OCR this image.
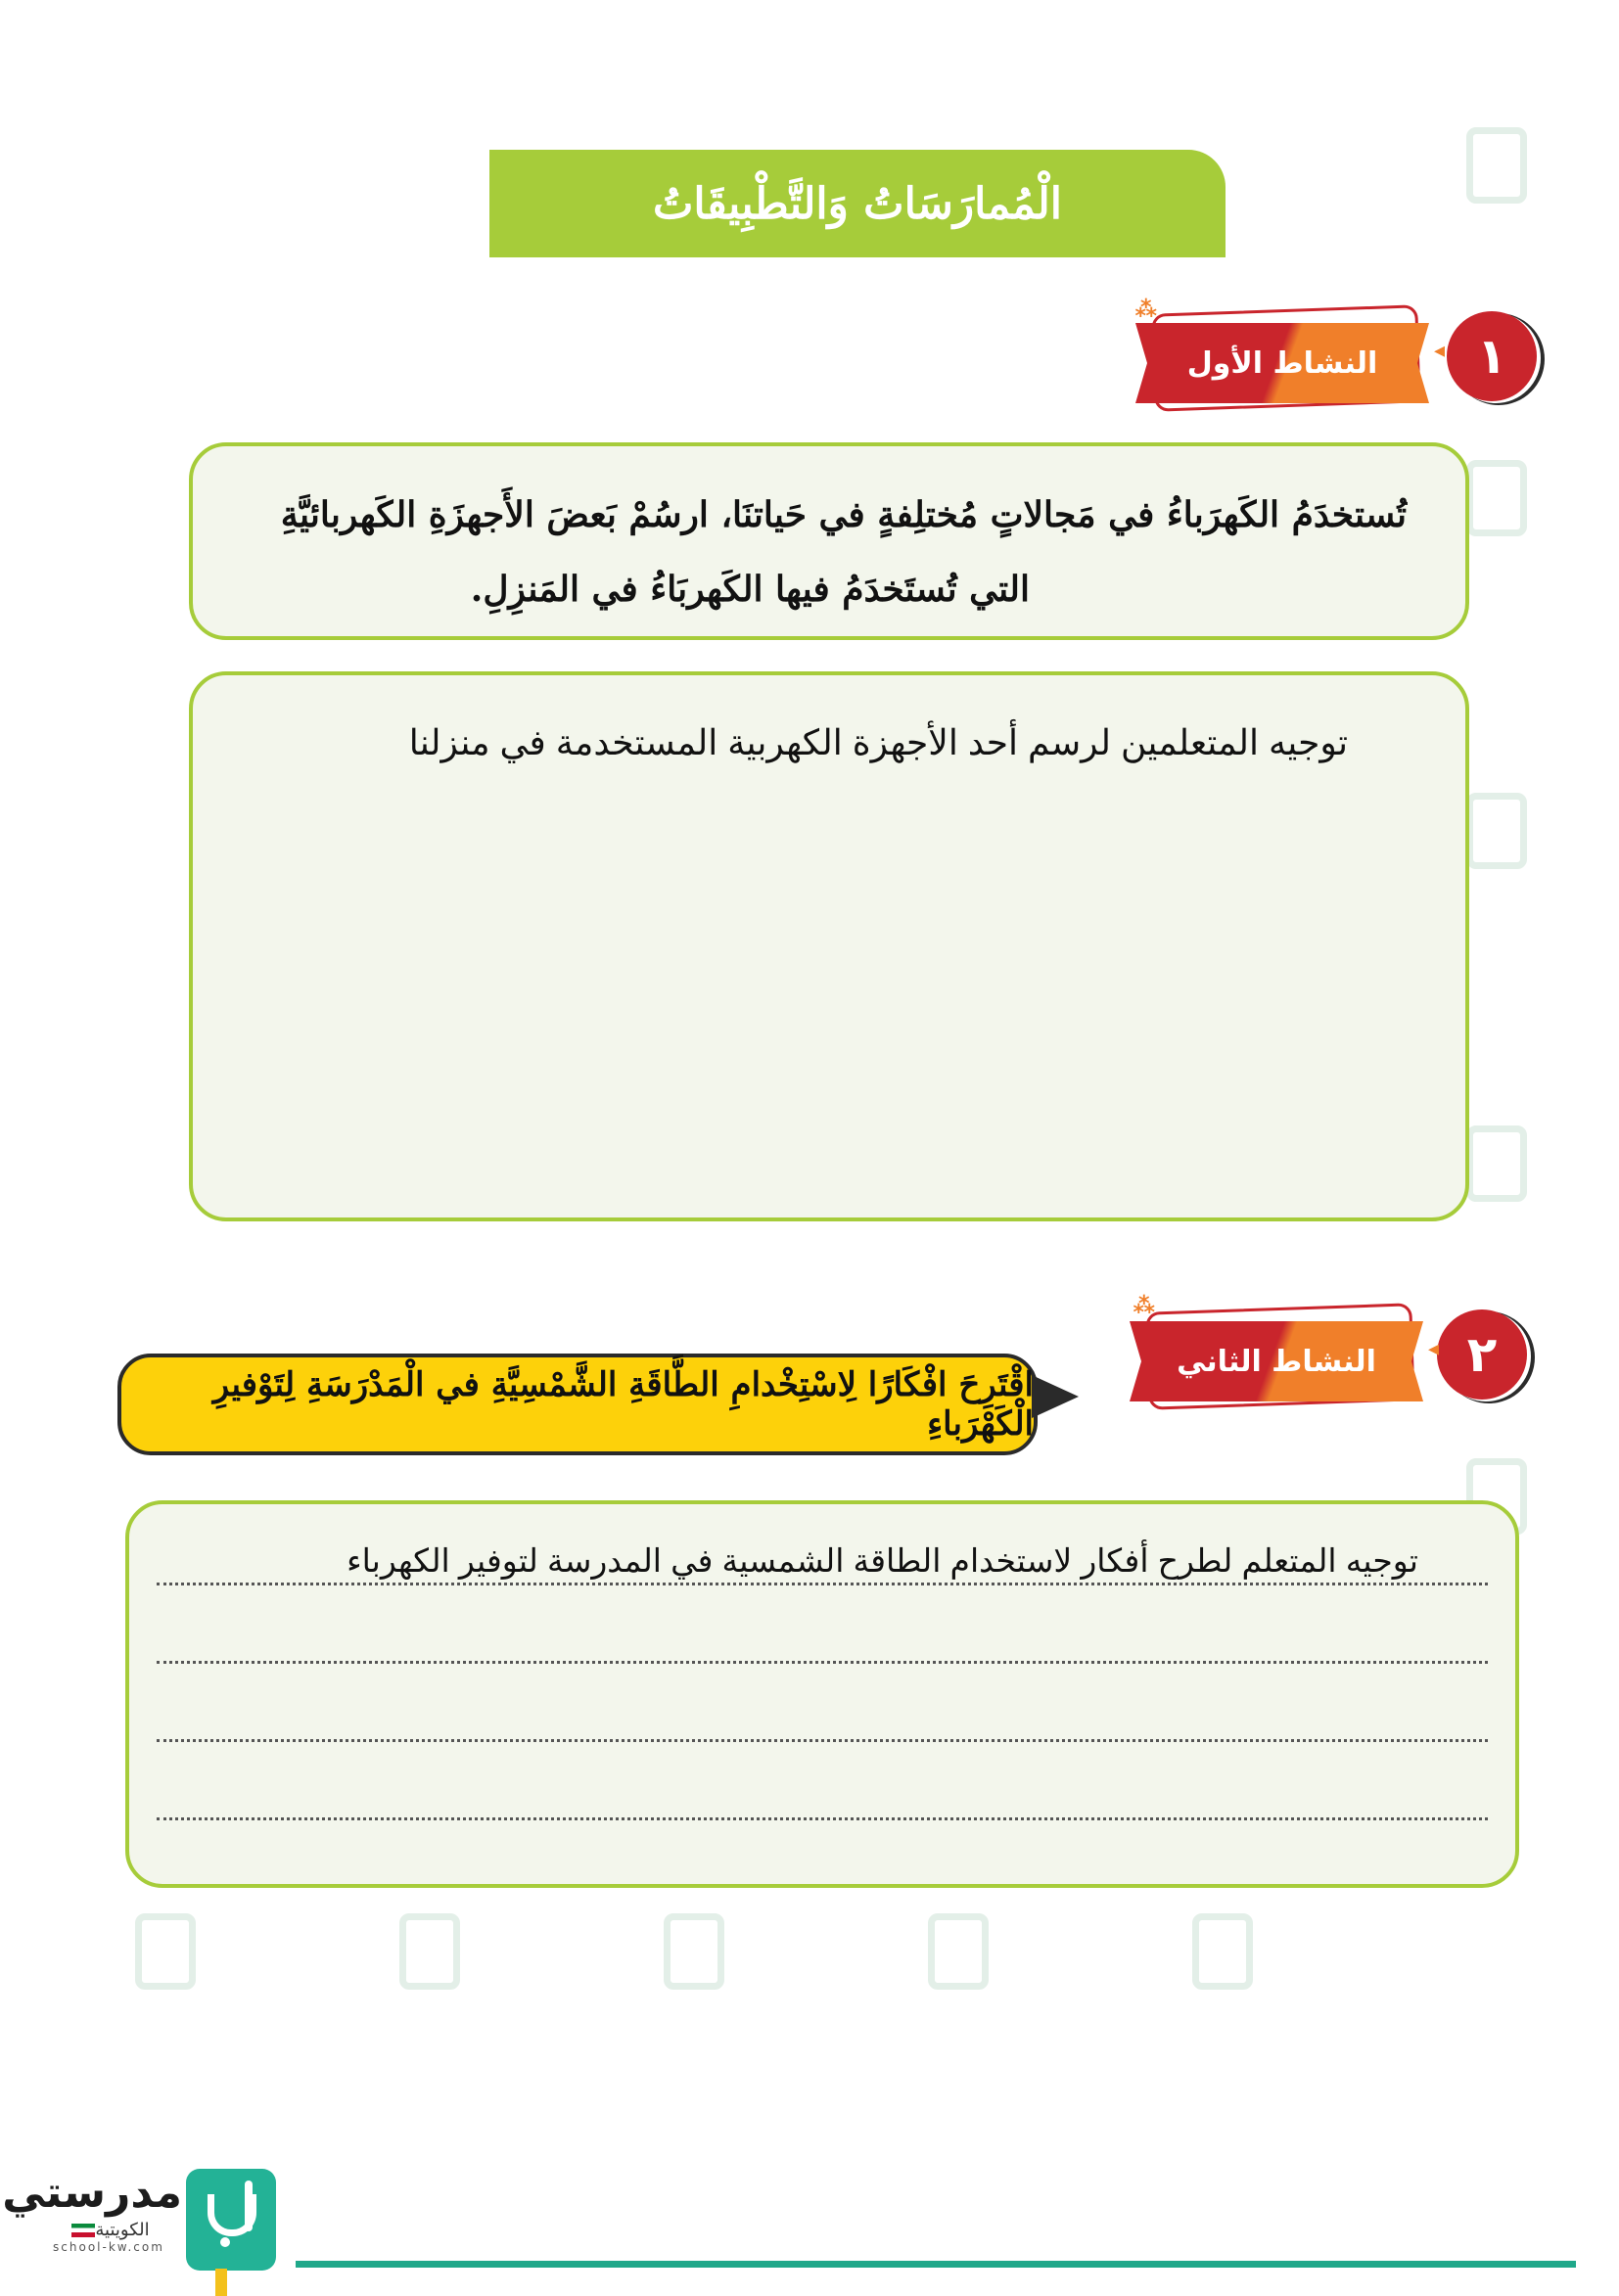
الْمُمارَسَاتُ وَالتَّطْبِيقَاتُ
١
النشاط الأول	◂
⁂
تُستخدَمُ الكَهرَباءُ في مَجالاتٍ مُختلِفةٍ في حَياتنَا، ارسُمْ بَعضَ الأَجهزَةِ الكَهربائيَّةِ
التي تُستَخدَمُ فيها الكَهربَاءُ في المَنزِلِ.
توجيه المتعلمين لرسم أحد الأجهزة الكهربية المستخدمة في منزلنا
٢
النشاط الثاني	◂
⁂
اقْتَرِحَ افْكَارًا لِاسْتِخْدامِ الطَّاقَةِ الشَّمْسِيَّةِ في الْمَدْرَسَةِ لِتَوْفيرِ الْكَهْرَباءِ
توجيه المتعلم لطرح أفكار لاستخدام الطاقة الشمسية في المدرسة لتوفير الكهرباء
مدرستي
الكويتية
school-kw.com
